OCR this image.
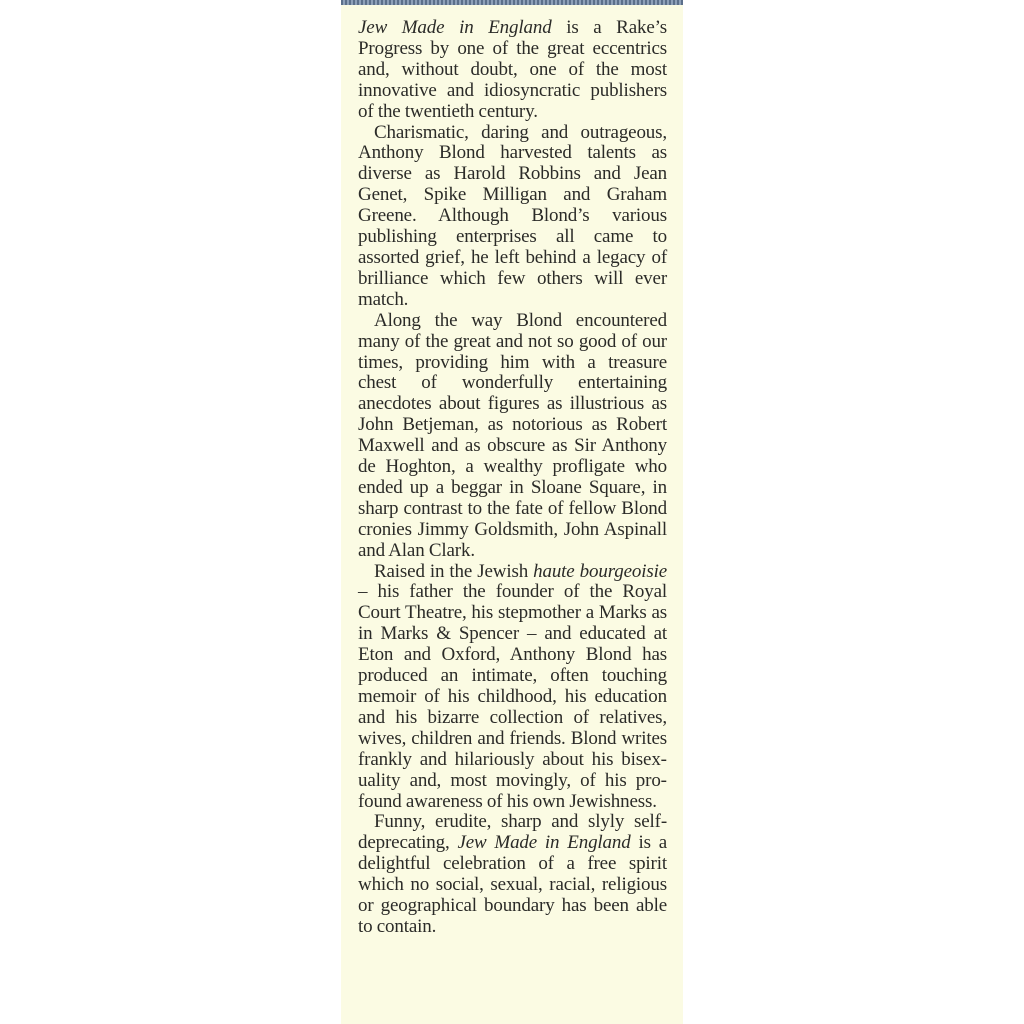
Jew Made in England is a Rake’s Progress by one of the great eccentrics and, without doubt, one of the most innovative and idiosyncratic publishers of the twentieth century.

Charismatic, daring and outrageous, Anthony Blond harvested talents as diverse as Harold Robbins and Jean Genet, Spike Milligan and Graham Greene. Although Blond’s various publishing enterprises all came to assorted grief, he left behind a legacy of brilliance which few others will ever match.

Along the way Blond encountered many of the great and not so good of our times, providing him with a treasure chest of wonderfully entertaining anecdotes about figures as illustrious as John Betjeman, as notorious as Robert Maxwell and as obscure as Sir Anthony de Hoghton, a wealthy profligate who ended up a beggar in Sloane Square, in sharp contrast to the fate of fellow Blond cronies Jimmy Goldsmith, John Aspinall and Alan Clark.

Raised in the Jewish haute bourgeoisie – his father the founder of the Royal Court Theatre, his stepmother a Marks as in Marks & Spencer – and educated at Eton and Oxford, Anthony Blond has produced an intimate, often touching memoir of his childhood, his education and his bizarre collection of relatives, wives, children and friends. Blond writes frankly and hilariously about his bisexuality and, most movingly, of his profound awareness of his own Jewishness.

Funny, erudite, sharp and slyly self-deprecating, Jew Made in England is a delightful celebration of a free spirit which no social, sexual, racial, religious or geographical boundary has been able to contain.
